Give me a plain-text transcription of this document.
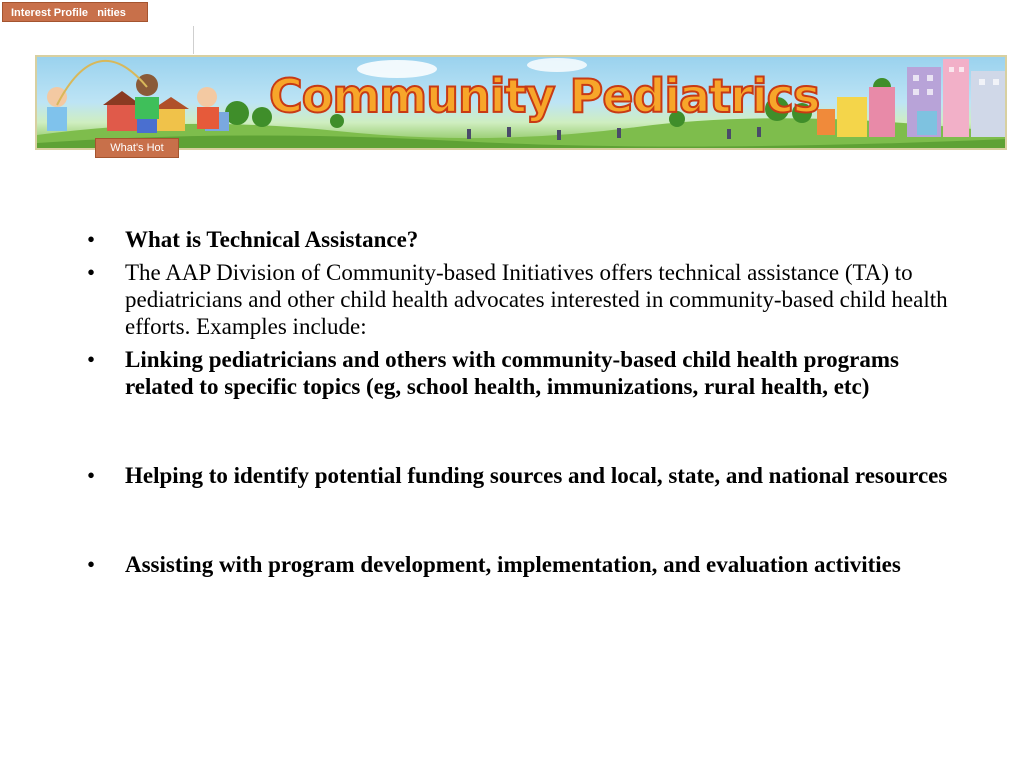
Interest Profile   nities
Community Pediatrics
What's Hot
• What is Technical Assistance?
• The AAP Division of Community-based Initiatives offers technical assistance (TA) to pediatricians and other child health advocates interested in community-based child health efforts. Examples include:
• Linking pediatricians and others with community-based child health programs related to specific topics (eg, school health, immunizations, rural health, etc)
• Helping to identify potential funding sources and local, state, and national resources
• Assisting with program development, implementation, and evaluation activities
